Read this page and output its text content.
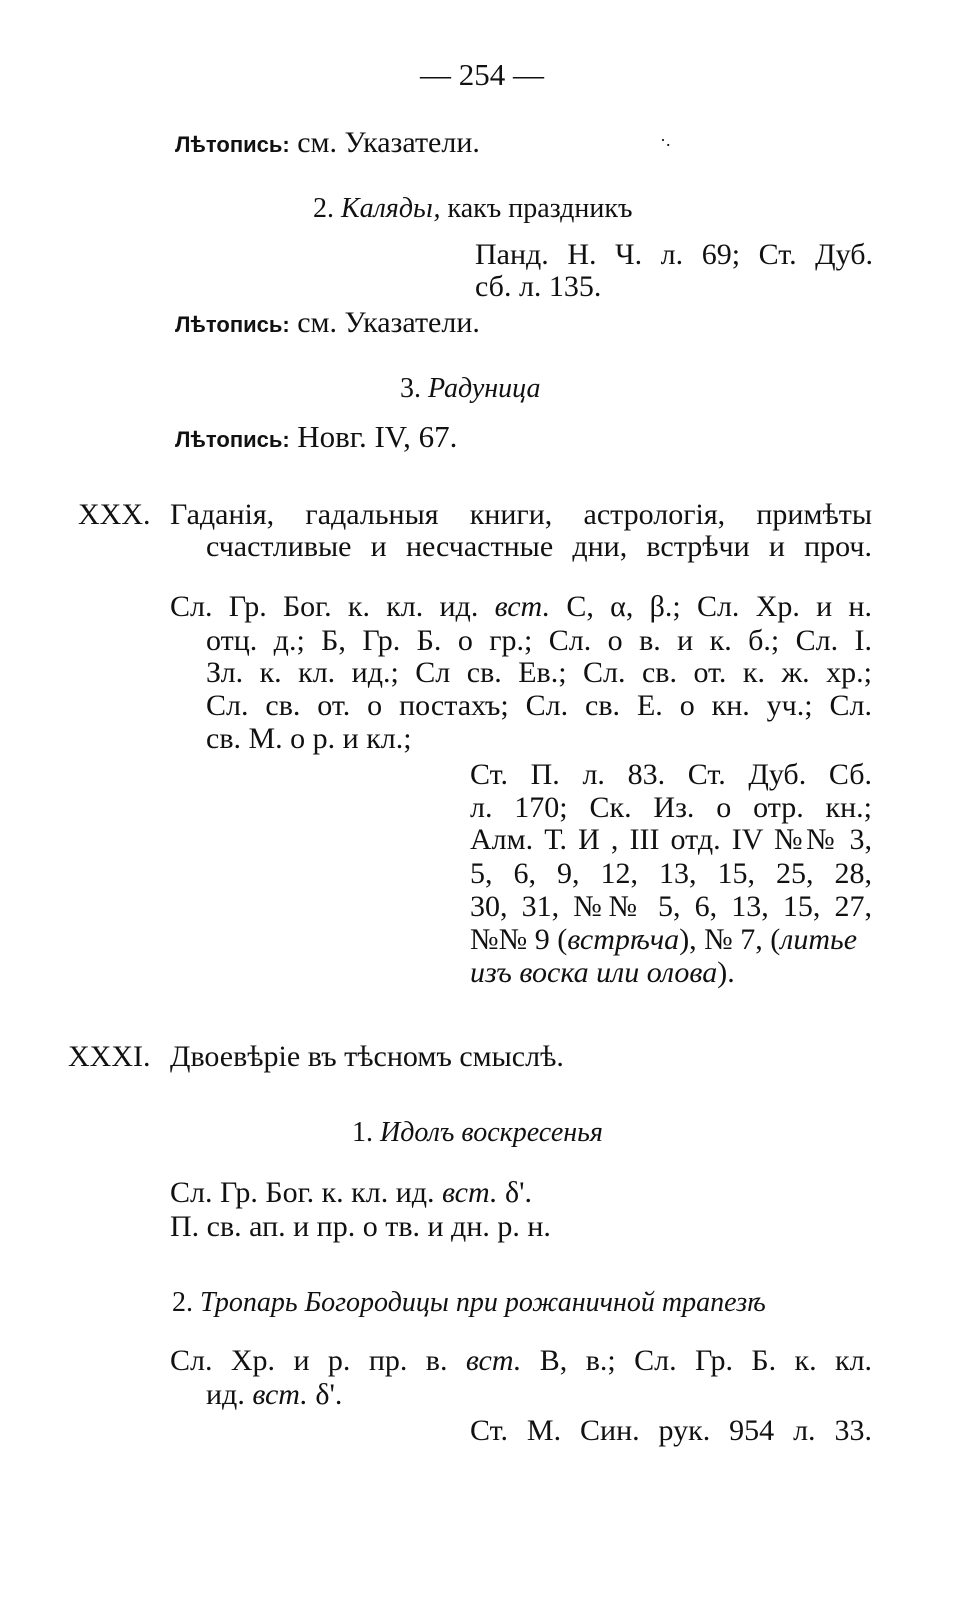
— 254 —
Лѣтопись: см. Указатели.	·.
2. Калядьı, какъ праздникъ
Панд. Н. Ч. л. 69; Ст. Дуб.
сб. л. 135.
Лѣтопись: см. Указатели.
3. Радуница
Лѣтопись: Новг. IV, 67.
XXX. Гаданія, гадальныя книги, астрологія, примѣты
счастливые и несчастные дни, встрѣчи и проч.
Сл. Гр. Бог. к. кл. ид. вст. С, α, β.; Сл. Хр. и н.
отц. д.; Б, Гр. Б. о гр.; Сл. о в. и к. б.; Сл. I.
Зл. к. кл. ид.; Сл св. Ев.; Сл. св. от. к. ж. хр.;
Сл. св. от. о постахъ; Сл. св. Е. о кн. уч.; Сл.
св. М. о р. и кл.;
Ст. П. л. 83. Ст. Дуб. Сб.
л. 170; Ск. Из. о отр. кн.;
Алм. Т. И , III отд. IV №№ 3,
5, 6, 9, 12, 13, 15, 25, 28,
30, 31, №№ 5, 6, 13, 15, 27,
№№ 9 (встрѣча), № 7, (литье
изъ воска или олова).
XXXI. Двоевѣріе въ тѣсномъ смыслѣ.
1. Идолъ воскресенья
Сл. Гр. Бог. к. кл. ид. вст. δ'.
П. св. ап. и пр. о тв. и дн. р. н.
2. Тропарь Богородицы при рожаничной трапезѣ
Сл. Хр. и р. пр. в. вст. В, в.; Сл. Гр. Б. к. кл.
ид. вст. δ'.
Ст. М. Син. рук. 954 л. 33.
